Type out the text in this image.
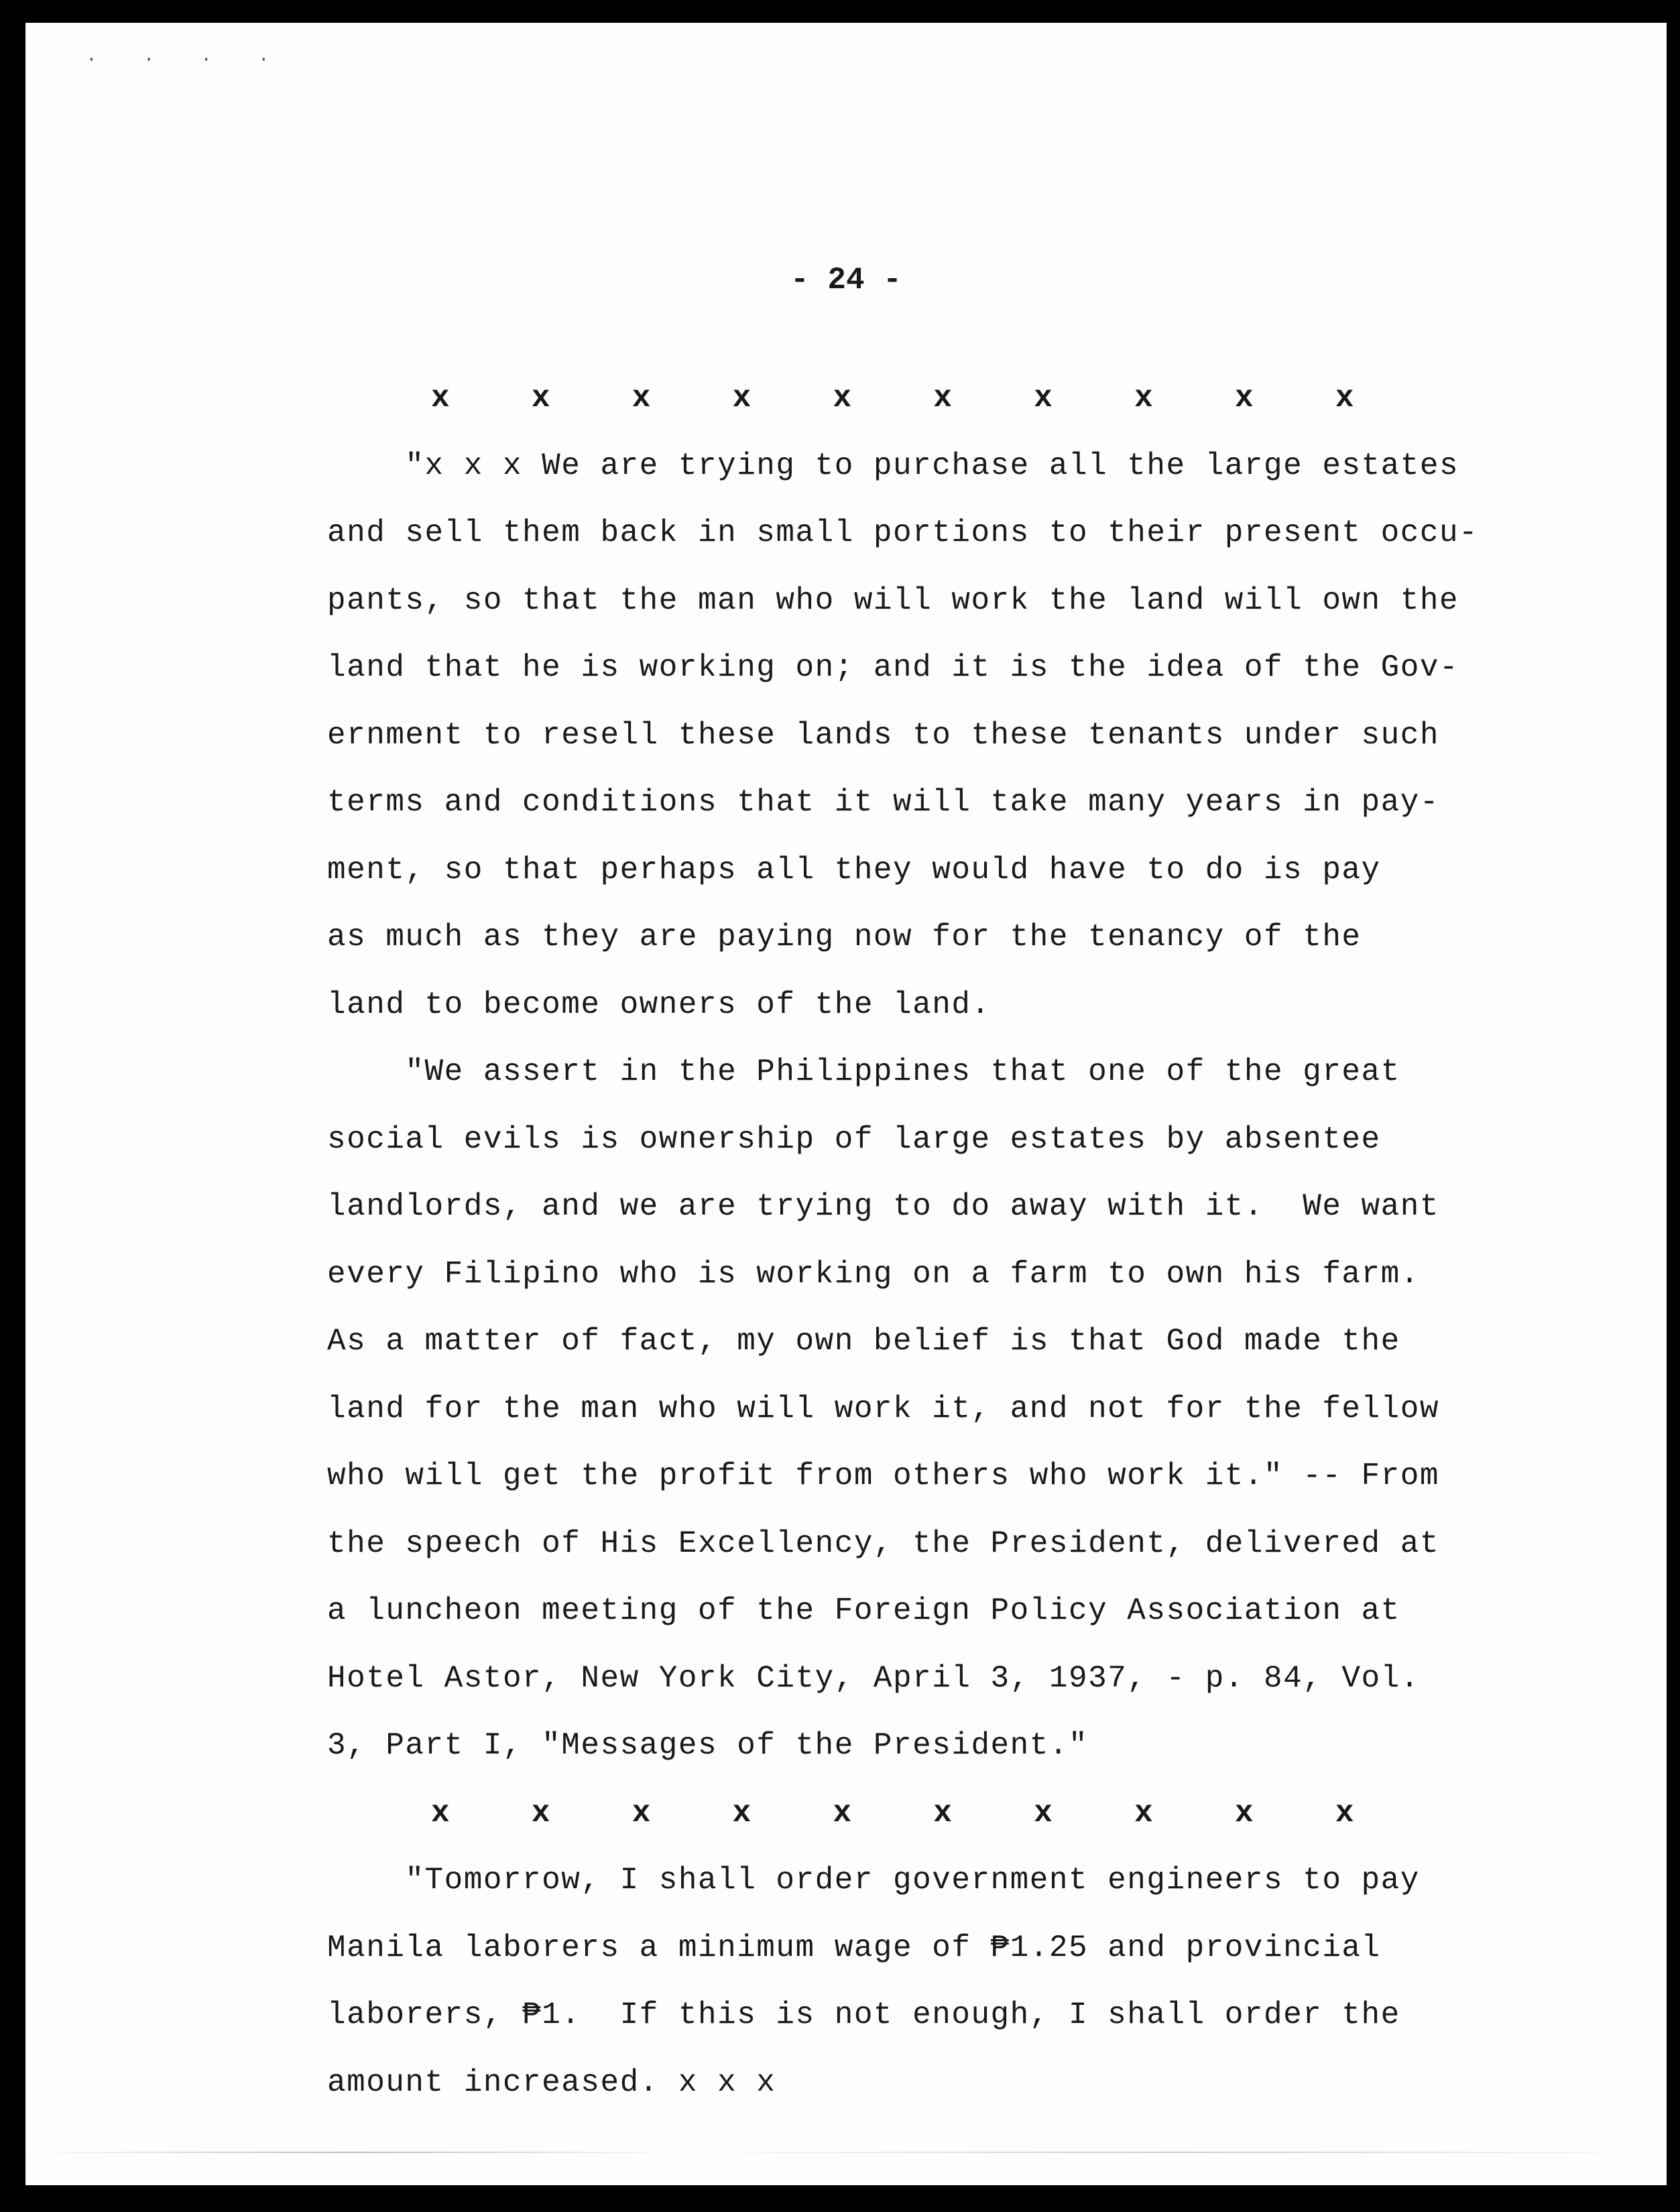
· · · ·
- 24 -
x	x	x	x	x	x	x	x	x	x
"x x x We are trying to purchase all the large estates
and sell them back in small portions to their present occu-
pants, so that the man who will work the land will own the
land that he is working on; and it is the idea of the Gov-
ernment to resell these lands to these tenants under such
terms and conditions that it will take many years in pay-
ment, so that perhaps all they would have to do is pay
as much as they are paying now for the tenancy of the
land to become owners of the land.
"We assert in the Philippines that one of the great
social evils is ownership of large estates by absentee
landlords, and we are trying to do away with it.  We want
every Filipino who is working on a farm to own his farm.
As a matter of fact, my own belief is that God made the
land for the man who will work it, and not for the fellow
who will get the profit from others who work it." -- From
the speech of His Excellency, the President, delivered at
a luncheon meeting of the Foreign Policy Association at
Hotel Astor, New York City, April 3, 1937, - p. 84, Vol.
3, Part I, "Messages of the President."
x	x	x	x	x	x	x	x	x	x
"Tomorrow, I shall order government engineers to pay
Manila laborers a minimum wage of ₱1.25 and provincial
laborers, ₱1.  If this is not enough, I shall order the
amount increased. x x x
